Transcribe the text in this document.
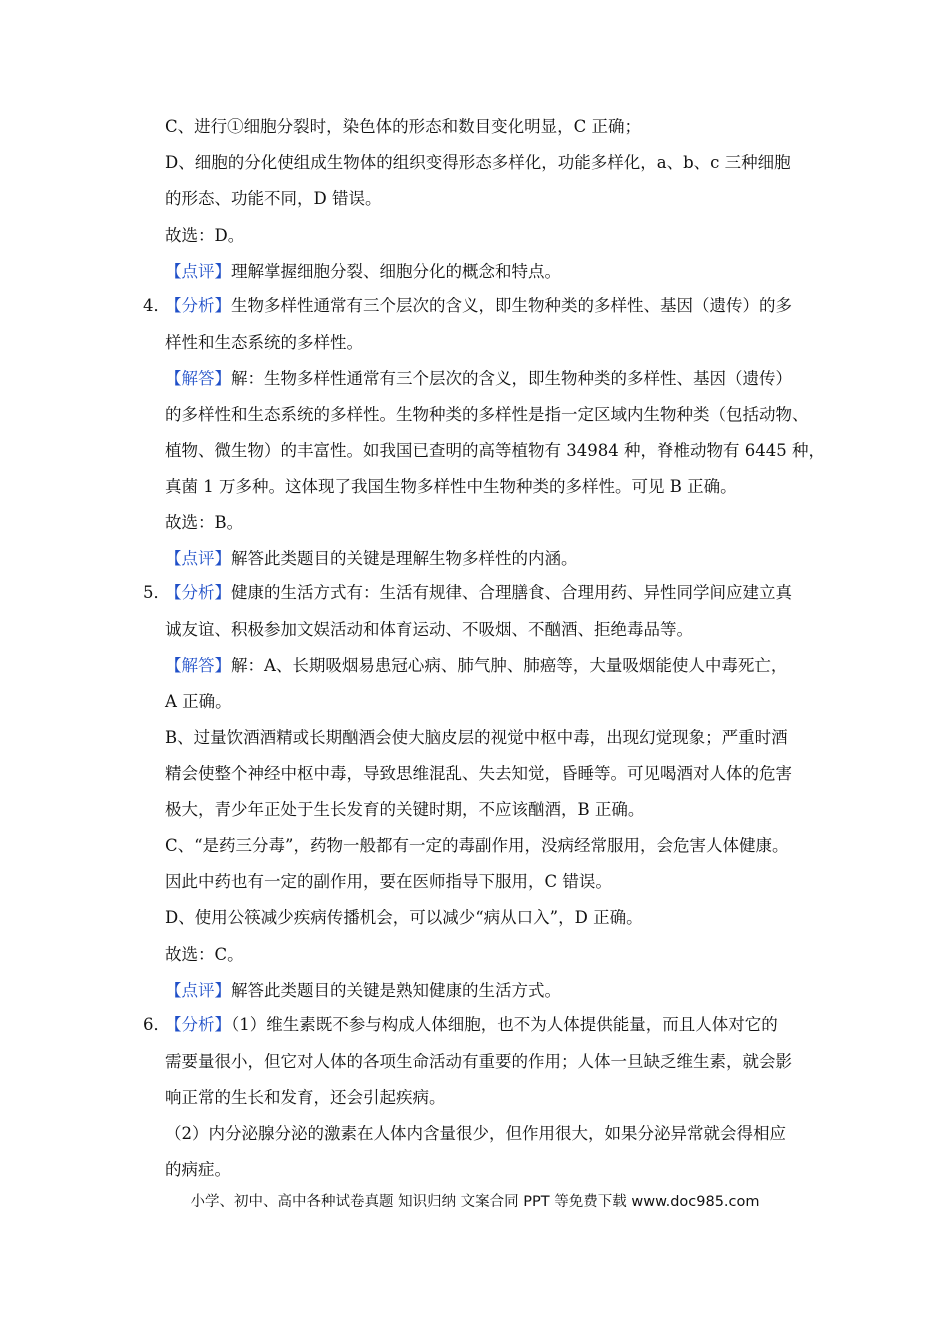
C、进行①细胞分裂时，染色体的形态和数目变化明显，C 正确；
D、细胞的分化使组成生物体的组织变得形态多样化，功能多样化，a、b、c 三种细胞
的形态、功能不同，D 错误。
故选：D。
【点评】理解掌握细胞分裂、细胞分化的概念和特点。
4．
【分析】生物多样性通常有三个层次的含义，即生物种类的多样性、基因（遗传）的多
样性和生态系统的多样性。
【解答】解：生物多样性通常有三个层次的含义，即生物种类的多样性、基因（遗传）
的多样性和生态系统的多样性。生物种类的多样性是指一定区域内生物种类（包括动物、
植物、微生物）的丰富性。如我国已查明的高等植物有 34984 种，脊椎动物有 6445 种，
真菌 1 万多种。这体现了我国生物多样性中生物种类的多样性。可见 B 正确。
故选：B。
【点评】解答此类题目的关键是理解生物多样性的内涵。
5．
【分析】健康的生活方式有：生活有规律、合理膳食、合理用药、异性同学间应建立真
诚友谊、积极参加文娱活动和体育运动、不吸烟、不酗酒、拒绝毒品等。
【解答】解：A、长期吸烟易患冠心病、肺气肿、肺癌等，大量吸烟能使人中毒死亡，
A 正确。
B、过量饮酒酒精或长期酗酒会使大脑皮层的视觉中枢中毒，出现幻觉现象；严重时酒
精会使整个神经中枢中毒，导致思维混乱、失去知觉，昏睡等。可见喝酒对人体的危害
极大，青少年正处于生长发育的关键时期，不应该酗酒，B 正确。
C、“是药三分毒”，药物一般都有一定的毒副作用，没病经常服用，会危害人体健康。
因此中药也有一定的副作用，要在医师指导下服用，C 错误。
D、使用公筷减少疾病传播机会，可以减少“病从口入”，D 正确。
故选：C。
【点评】解答此类题目的关键是熟知健康的生活方式。
6．
【分析】（1）维生素既不参与构成人体细胞，也不为人体提供能量，而且人体对它的
需要量很小，但它对人体的各项生命活动有重要的作用；人体一旦缺乏维生素，就会影
响正常的生长和发育，还会引起疾病。
（2）内分泌腺分泌的激素在人体内含量很少，但作用很大，如果分泌异常就会得相应
的病症。
小学、初中、高中各种试卷真题 知识归纳 文案合同 PPT 等免费下载 www.doc985.com
